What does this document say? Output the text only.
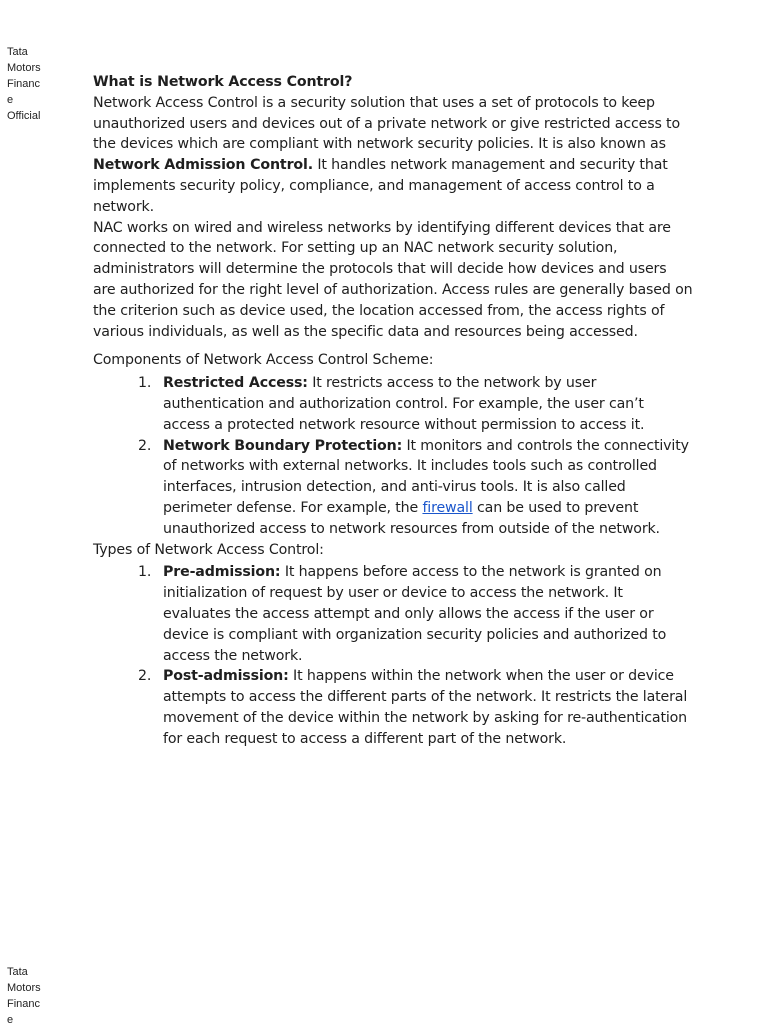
Tata
Motors
Financ
e
Official
What is Network Access Control?

Network Access Control is a security solution that uses a set of protocols to keep unauthorized users and devices out of a private network or give restricted access to the devices which are compliant with network security policies. It is also known as Network Admission Control. It handles network management and security that implements security policy, compliance, and management of access control to a network.

NAC works on wired and wireless networks by identifying different devices that are connected to the network. For setting up an NAC network security solution, administrators will determine the protocols that will decide how devices and users are authorized for the right level of authorization. Access rules are generally based on the criterion such as device used, the location accessed from, the access rights of various individuals, as well as the specific data and resources being accessed.

Components of Network Access Control Scheme:
1. Restricted Access: It restricts access to the network by user authentication and authorization control. For example, the user can’t access a protected network resource without permission to access it.
2. Network Boundary Protection: It monitors and controls the connectivity of networks with external networks. It includes tools such as controlled interfaces, intrusion detection, and anti-virus tools. It is also called perimeter defense. For example, the firewall can be used to prevent unauthorized access to network resources from outside of the network.
Types of Network Access Control:
1. Pre-admission: It happens before access to the network is granted on initialization of request by user or device to access the network. It evaluates the access attempt and only allows the access if the user or device is compliant with organization security policies and authorized to access the network.
2. Post-admission: It happens within the network when the user or device attempts to access the different parts of the network. It restricts the lateral movement of the device within the network by asking for re-authentication for each request to access a different part of the network.
Tata
Motors
Financ
e
